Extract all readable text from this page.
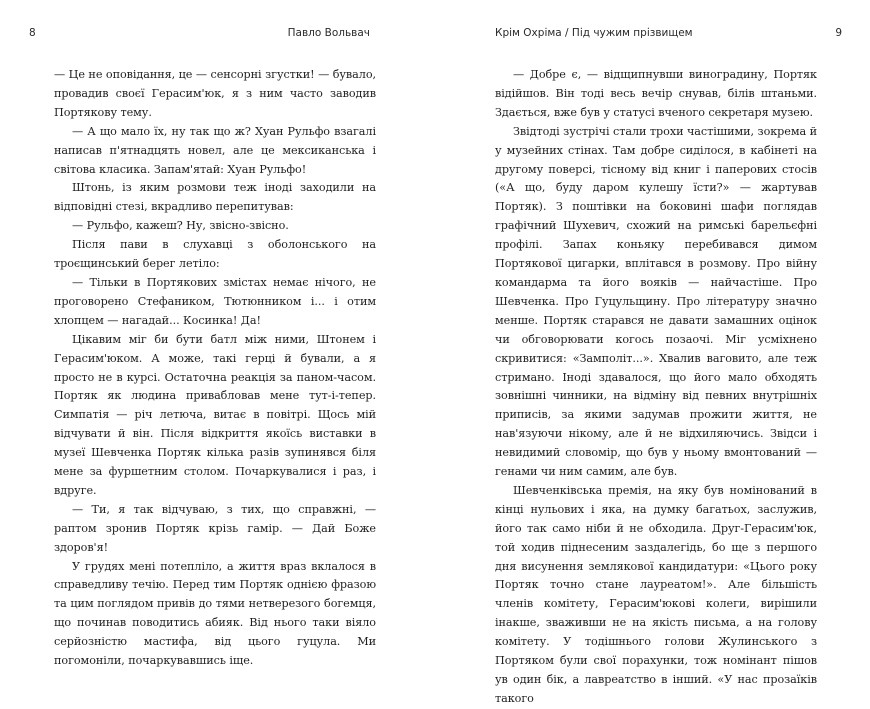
8	Павло Вольвач

— Це не оповідання, це — сенсорні згустки! — бувало, провадив своєї Герасим'юк, я з ним часто заводив Портякову тему.

— А що мало їх, ну так що ж? Хуан Рульфо взагалі написав п'ятнадцять новел, але це мексиканська і світова класика. Запам'ятай: Хуан Рульфо!

Штонь, із яким розмови теж іноді заходили на відповідні стезі, вкрадливо перепитував:

— Рульфо, кажеш? Ну, звісно-звісно.

Після пави в слухавці з оболонського на троєщинський берег летіло:

— Тільки в Портякових змістах немає нічого, не проговорено Стефаником, Тютюнником і... і отим хлопцем — нагадай... Косинка! Да!

Цікавим міг би бути батл між ними, Штонем і Герасим'юком. А може, такі герці й бували, а я просто не в курсі. Остаточна реакція за паном-часом. Портяк як людина привабловав мене тут-і-тепер. Симпатія — річ летюча, витає в повітрі. Щось мій відчувати й він. Після відкриття якоїсь виставки в музеї Шевченка Портяк кілька разів зупинявся біля мене за фуршетним столом. Почаркувалися і раз, і вдруге.

— Ти, я так відчуваю, з тих, що справжні, — раптом зронив Портяк крізь гамір. — Дай Боже здоров'я!

У грудях мені потепліло, а життя враз вклалося в справедливу течію. Перед тим Портяк однією фразою та цим поглядом привів до тями нетверезого богемця, що починав поводитись абияк. Від нього таки віяло серйозністю мастифа, від цього гуцула. Ми погомоніли, почаркувавшись іще.

Крім Охріма / Під чужим прізвищем	9

— Добре є, — відщипнувши виноградину, Портяк відійшов. Він тоді весь вечір снував, білів штаньми. Здається, вже був у статусі вченого секретаря музею.

Звідтоді зустрічі стали трохи частішими, зокрема й у музейних стінах. Там добре сиділося, в кабінеті на другому поверсі, тісному від книг і паперових стосів («А що, буду даром кулешу їсти?» — жартував Портяк). З поштівки на боковині шафи поглядав графічний Шухевич, схожий на римські барельєфні профілі. Запах коньяку перебивався димом Портякової цигарки, вплітався в розмову. Про війну командарма та його вояків — найчастіше. Про Шевченка. Про Гуцульщину. Про літературу значно менше. Портяк старався не давати замашних оцінок чи обговорювати когось позаочі. Міг усміхнено скривитися: «Замполіт...». Хвалив ваговито, але теж стримано. Іноді здавалося, що його мало обходять зовнішні чинники, на відміну від певних внутрішніх приписів, за якими задумав прожити життя, не нав'язуючи нікому, але й не відхиляючись. Звідси і невидимий словомір, що був у ньому вмонтований — генами чи ним самим, але був.

Шевченківська премія, на яку був номінований в кінці нульових і яка, на думку багатьох, заслужив, його так само ніби й не обходила. Друг-Герасим'юк, той ходив піднесеним заздалегідь, бо ще з першого дня висунення землякової кандидатури: «Цього року Портяк точно стане лауреатом!». Але більшість членів комітету, Герасим'юкові колеги, вирішили інакше, зваживши не на якість письма, а на голову комітету. У тодішнього голови Жулинського з Портяком були свої порахунки, тож номінант пішов ув один бік, а лавреатство в інший. «У нас прозаїків такого
